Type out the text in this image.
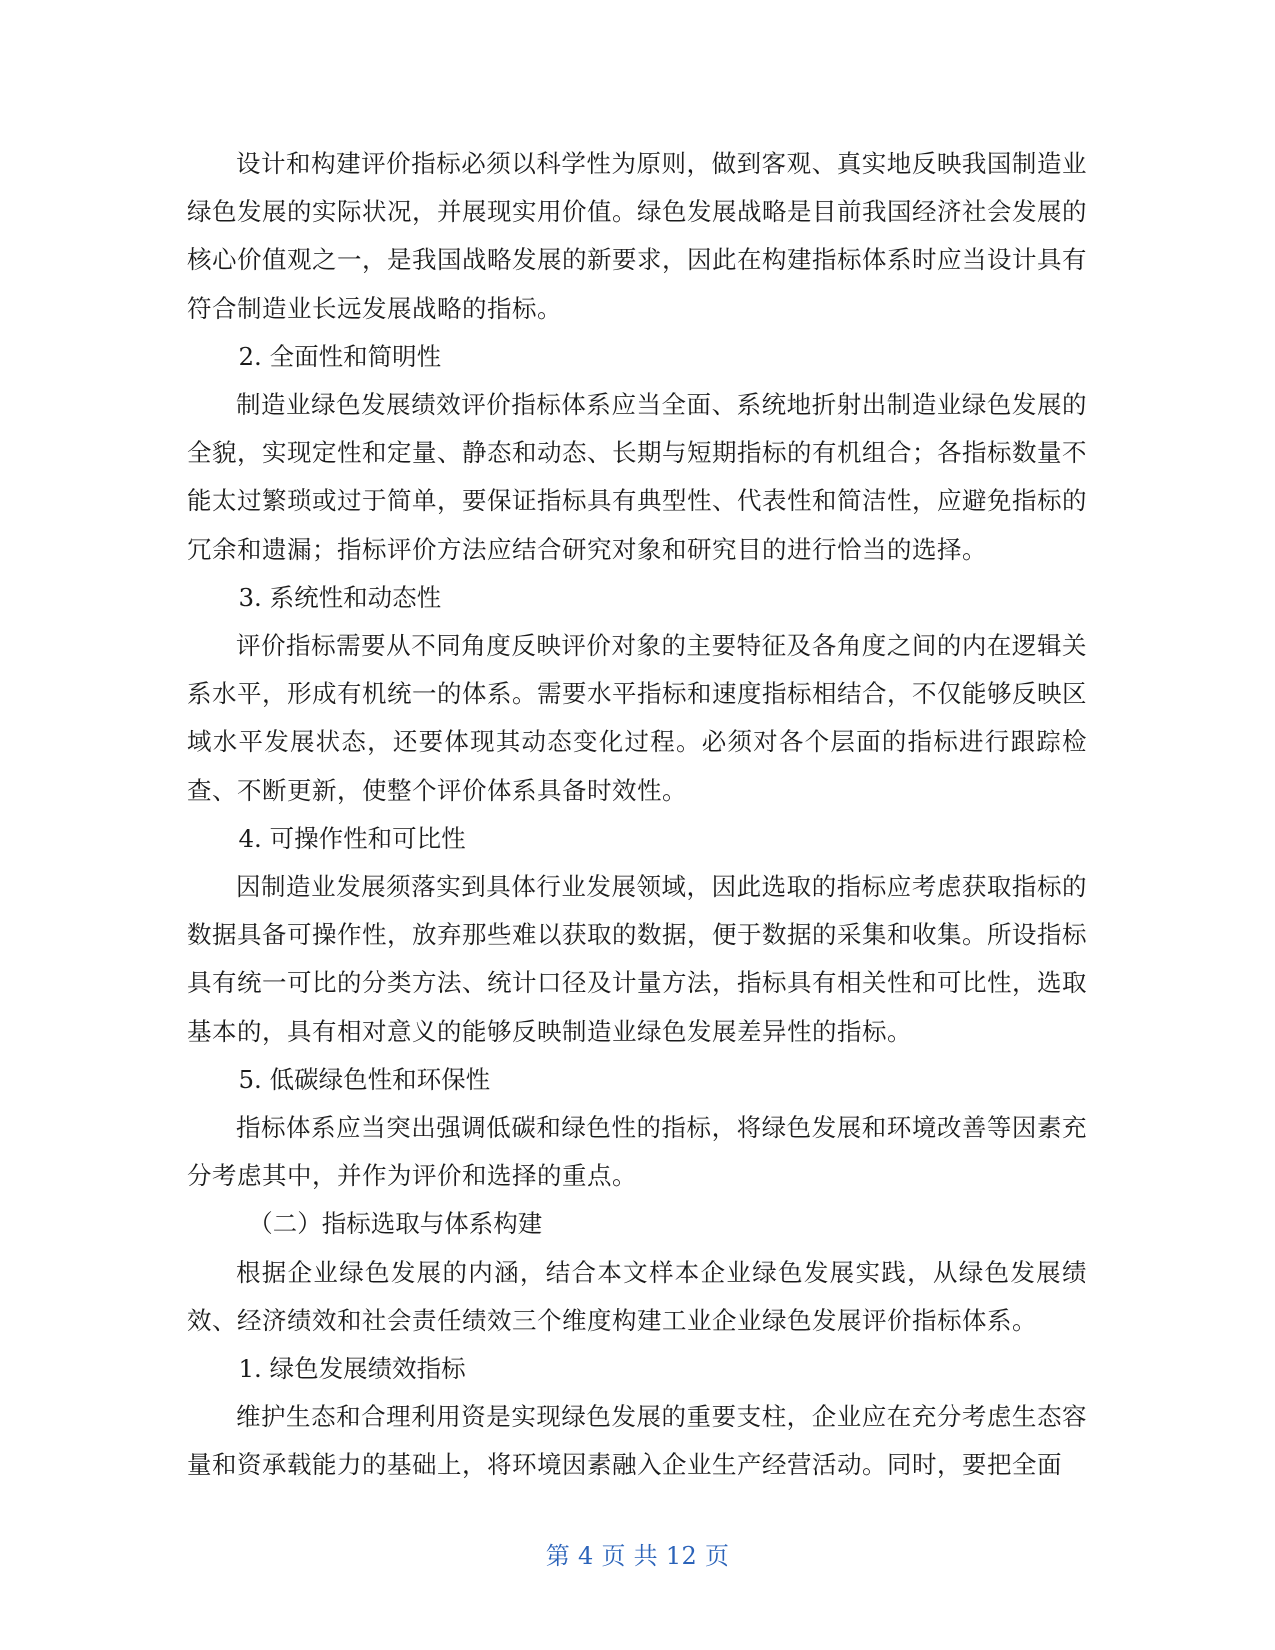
设计和构建评价指标必须以科学性为原则，做到客观、真实地反映我国制造业绿色发展的实际状况，并展现实用价值。绿色发展战略是目前我国经济社会发展的核心价值观之一，是我国战略发展的新要求，因此在构建指标体系时应当设计具有符合制造业长远发展战略的指标。

2. 全面性和简明性

制造业绿色发展绩效评价指标体系应当全面、系统地折射出制造业绿色发展的全貌，实现定性和定量、静态和动态、长期与短期指标的有机组合；各指标数量不能太过繁琐或过于简单，要保证指标具有典型性、代表性和简洁性，应避免指标的冗余和遗漏；指标评价方法应结合研究对象和研究目的进行恰当的选择。

3. 系统性和动态性

评价指标需要从不同角度反映评价对象的主要特征及各角度之间的内在逻辑关系水平，形成有机统一的体系。需要水平指标和速度指标相结合，不仅能够反映区域水平发展状态，还要体现其动态变化过程。必须对各个层面的指标进行跟踪检查、不断更新，使整个评价体系具备时效性。

4. 可操作性和可比性

因制造业发展须落实到具体行业发展领域，因此选取的指标应考虑获取指标的数据具备可操作性，放弃那些难以获取的数据，便于数据的采集和收集。所设指标具有统一可比的分类方法、统计口径及计量方法，指标具有相关性和可比性，选取基本的，具有相对意义的能够反映制造业绿色发展差异性的指标。

5. 低碳绿色性和环保性

指标体系应当突出强调低碳和绿色性的指标，将绿色发展和环境改善等因素充分考虑其中，并作为评价和选择的重点。

（二）指标选取与体系构建

根据企业绿色发展的内涵，结合本文样本企业绿色发展实践，从绿色发展绩效、经济绩效和社会责任绩效三个维度构建工业企业绿色发展评价指标体系。

1. 绿色发展绩效指标

维护生态和合理利用资是实现绿色发展的重要支柱，企业应在充分考虑生态容量和资承载能力的基础上，将环境因素融入企业生产经营活动。同时，要把全面

第 4 页 共 12 页
